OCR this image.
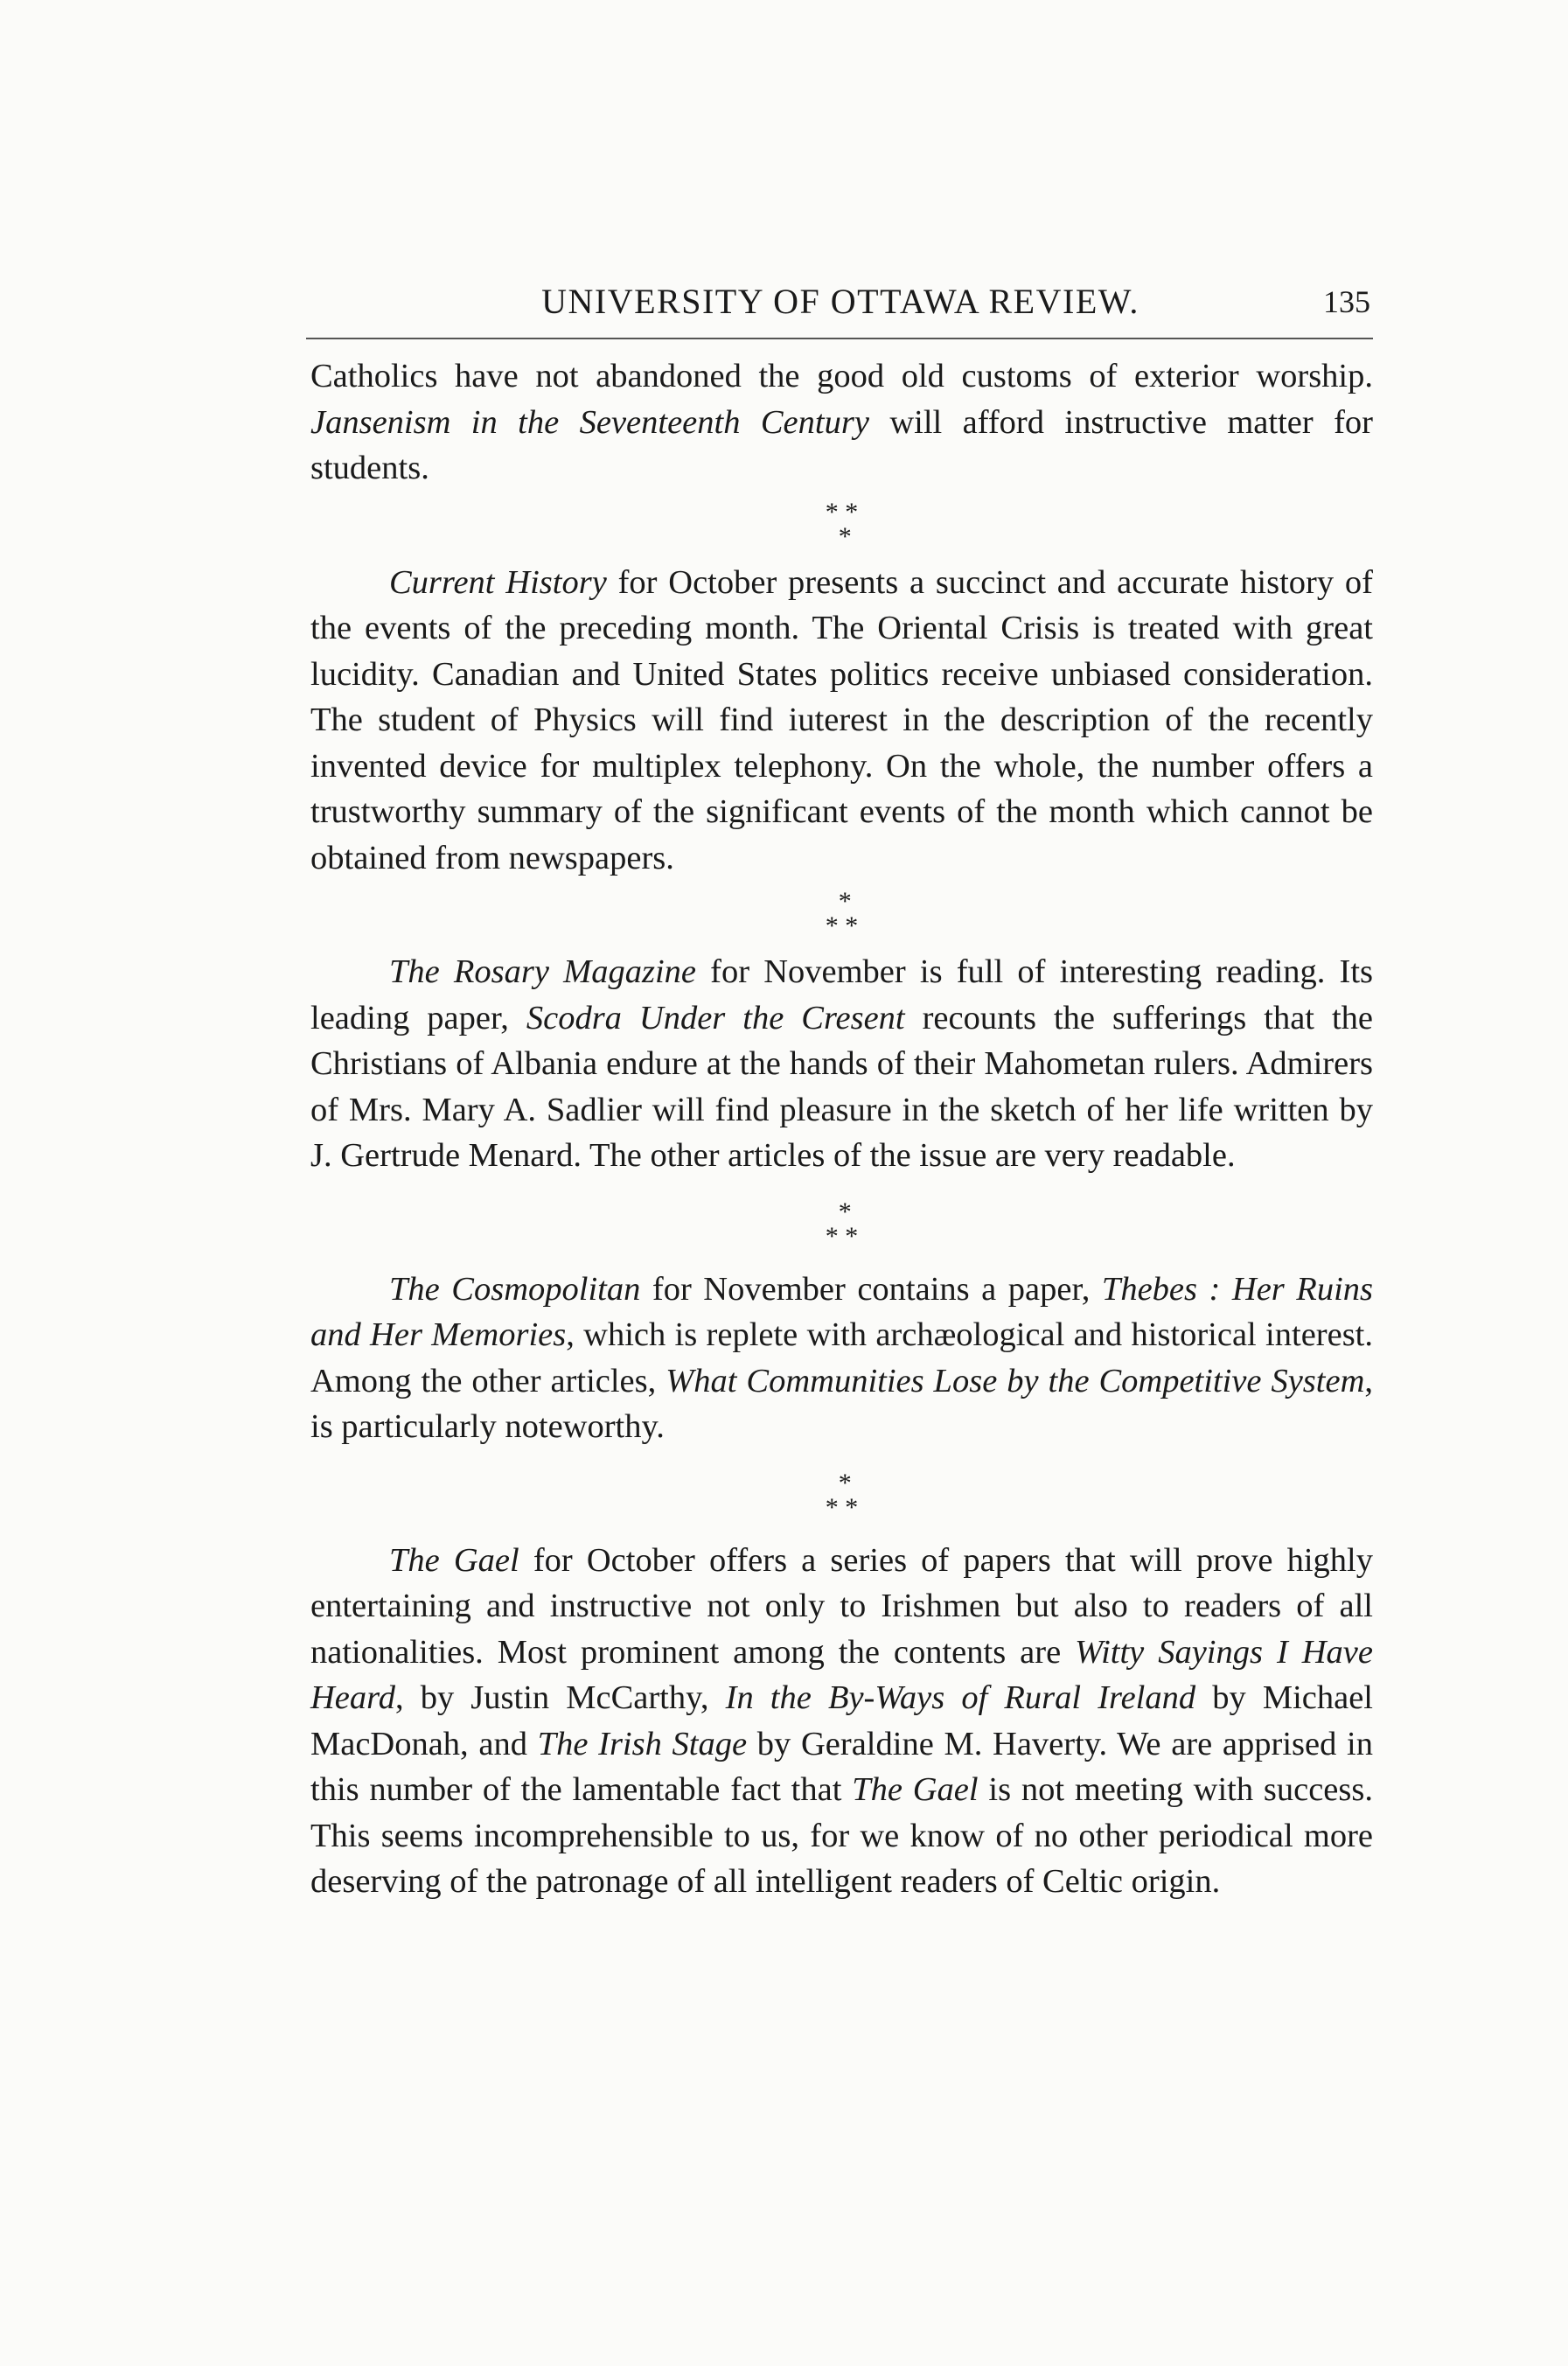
UNIVERSITY OF OTTAWA REVIEW.	135

Catholics have not abandoned the good old customs of exterior worship. Jansenism in the Seventeenth Century will afford instructive matter for students.

* *
*

Current History for October presents a succinct and accurate history of the events of the preceding month. The Oriental Crisis is treated with great lucidity. Canadian and United States politics receive unbiased consideration. The student of Physics will find iuterest in the description of the recently invented device for multiplex telephony. On the whole, the number offers a trustworthy summary of the significant events of the month which cannot be obtained from newspapers.

*
* *

The Rosary Magazine for November is full of interesting reading. Its leading paper, Scodra Under the Cresent recounts the sufferings that the Christians of Albania endure at the hands of their Mahometan rulers. Admirers of Mrs. Mary A. Sadlier will find pleasure in the sketch of her life written by J. Gertrude Menard. The other articles of the issue are very readable.

*
* *

The Cosmopolitan for November contains a paper, Thebes : Her Ruins and Her Memories, which is replete with archæological and historical interest. Among the other articles, What Communities Lose by the Competitive System, is particularly noteworthy.

*
* *

The Gael for October offers a series of papers that will prove highly entertaining and instructive not only to Irishmen but also to readers of all nationalities. Most prominent among the contents are Witty Sayings I Have Heard, by Justin McCarthy, In the By-Ways of Rural Ireland by Michael MacDonah, and The Irish Stage by Geraldine M. Haverty. We are apprised in this number of the lamentable fact that The Gael is not meeting with success. This seems incomprehensible to us, for we know of no other periodical more deserving of the patronage of all intelligent readers of Celtic origin.
